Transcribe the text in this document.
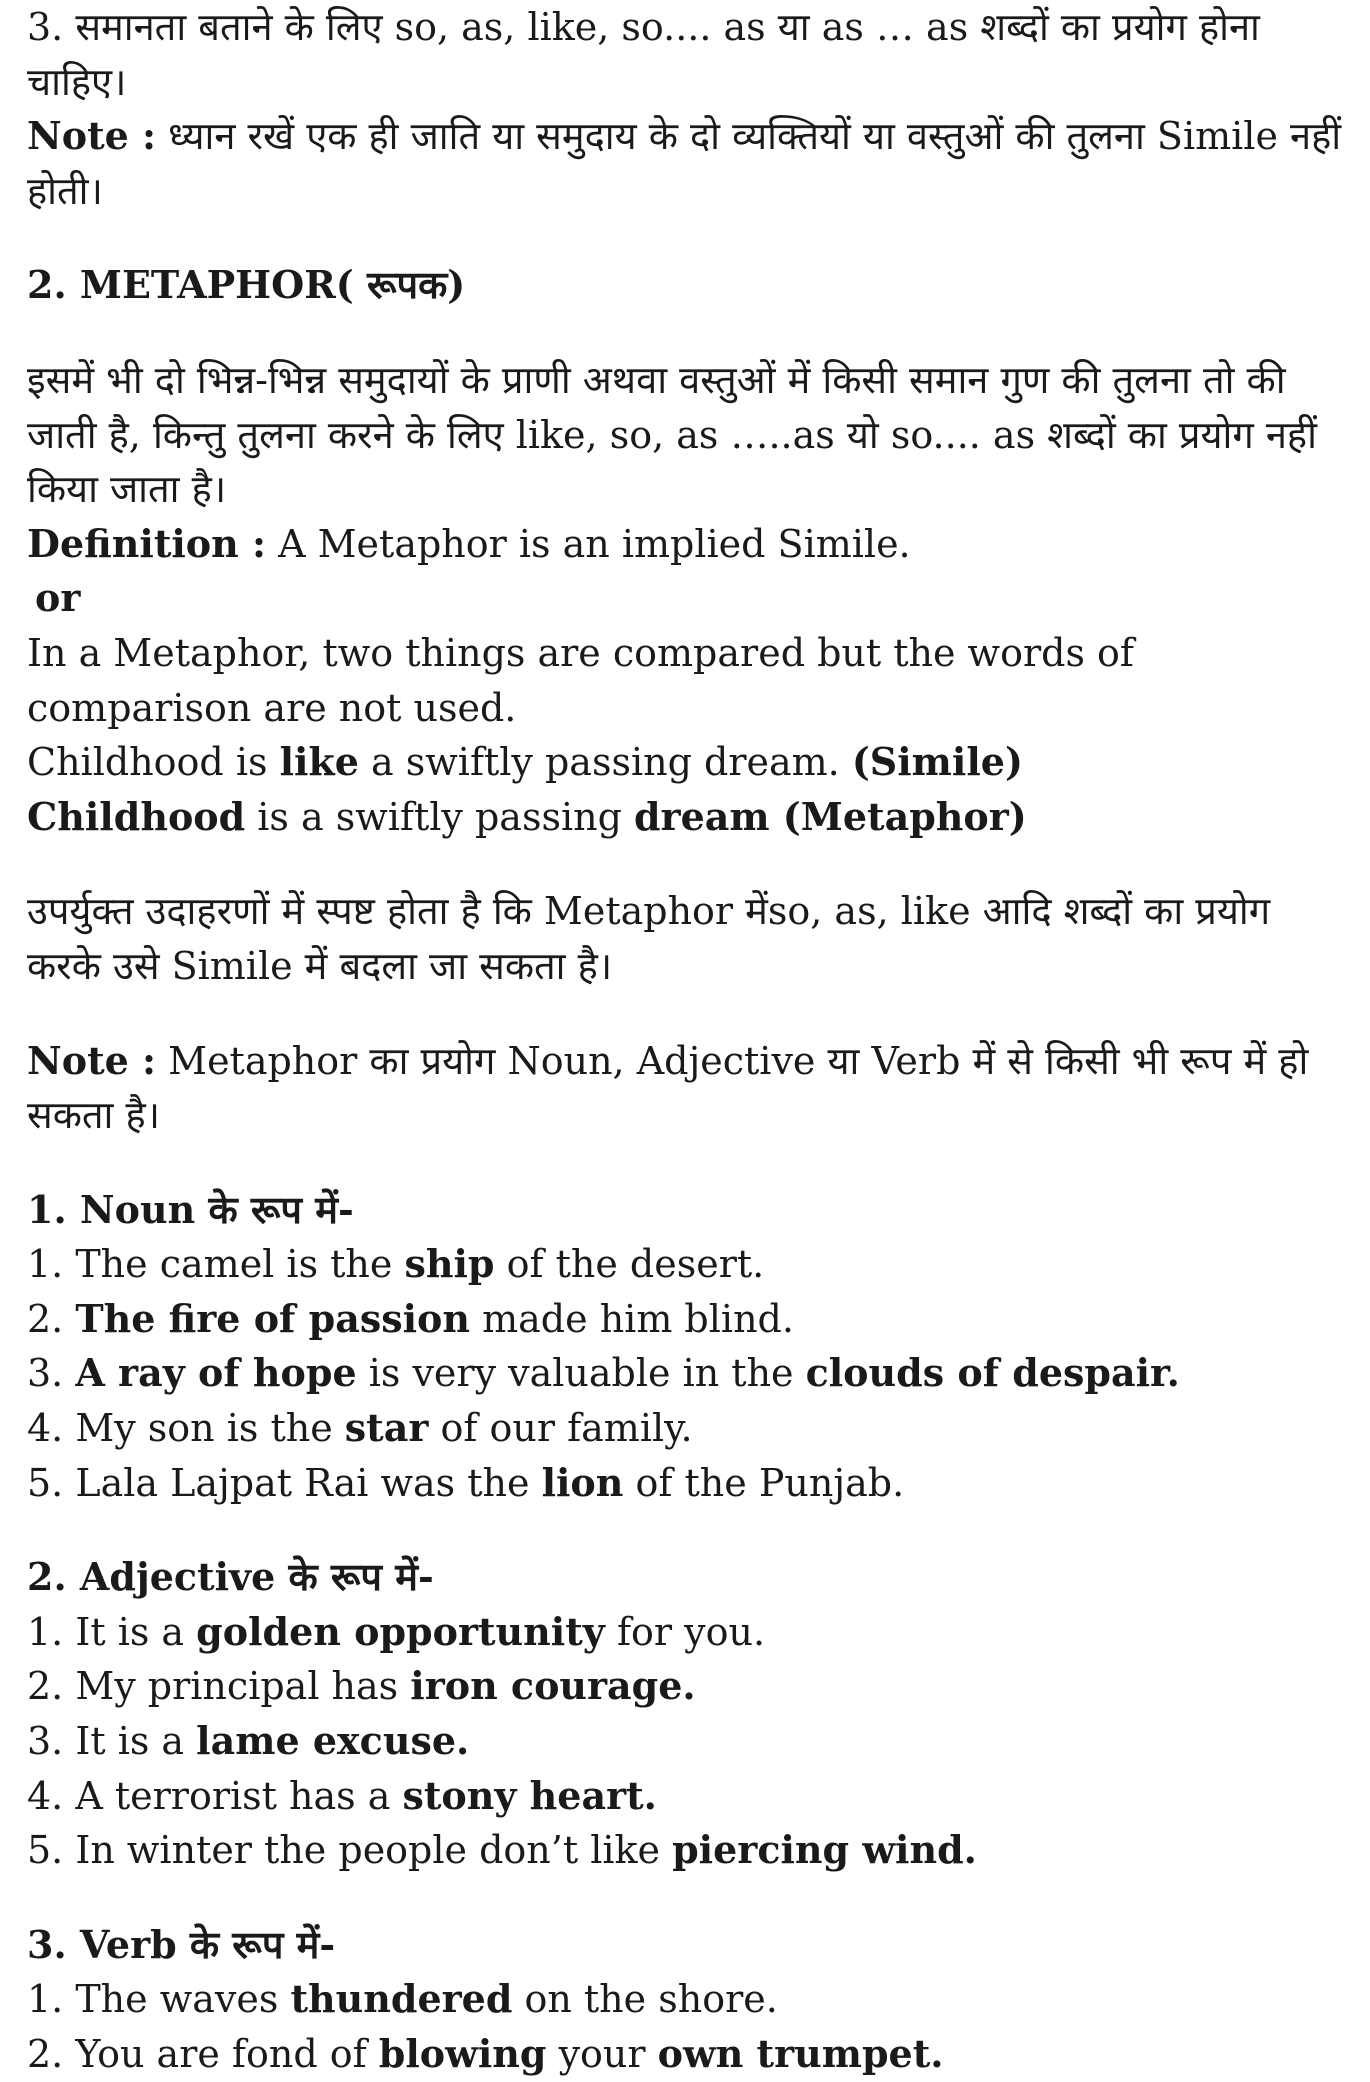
3. समानता बताने के लिए so, as, like, so.... as या as … as शब्दों का प्रयोग होना चाहिए।
Note : ध्यान रखें एक ही जाति या समुदाय के दो व्यक्तियों या वस्तुओं की तुलना Simile नहीं होती।
2. METAPHOR( रूपक)
इसमें भी दो भिन्न-भिन्न समुदायों के प्राणी अथवा वस्तुओं में किसी समान गुण की तुलना तो की जाती है, किन्तु तुलना करने के लिए like, so, as …..as यो so.... as शब्दों का प्रयोग नहीं किया जाता है।
Definition : A Metaphor is an implied Simile.
or
In a Metaphor, two things are compared but the words of comparison are not used.
Childhood is like a swiftly passing dream. (Simile)
Childhood is a swiftly passing dream (Metaphor)
उपर्युक्त उदाहरणों में स्पष्ट होता है कि Metaphor मेंso, as, like आदि शब्दों का प्रयोग करके उसे Simile में बदला जा सकता है।
Note : Metaphor का प्रयोग Noun, Adjective या Verb में से किसी भी रूप में हो सकता है।
1. Noun के रूप में-
1. The camel is the ship of the desert.
2. The fire of passion made him blind.
3. A ray of hope is very valuable in the clouds of despair.
4. My son is the star of our family.
5. Lala Lajpat Rai was the lion of the Punjab.
2. Adjective के रूप में-
1. It is a golden opportunity for you.
2. My principal has iron courage.
3. It is a lame excuse.
4. A terrorist has a stony heart.
5. In winter the people don’t like piercing wind.
3. Verb के रूप में-
1. The waves thundered on the shore.
2. You are fond of blowing your own trumpet.
